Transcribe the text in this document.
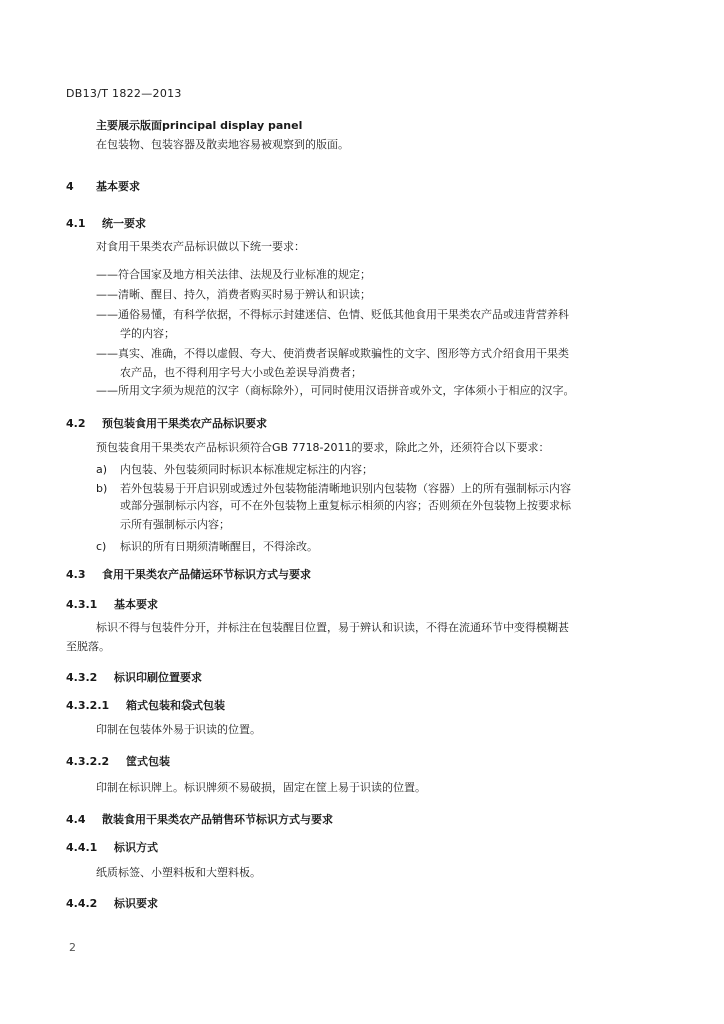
DB13/T 1822—2013
主要展示版面principal display panel
在包装物、包装容器及散卖地容易被观察到的版面。
4 基本要求
4.1 统一要求
对食用干果类农产品标识做以下统一要求：
——符合国家及地方相关法律、法规及行业标准的规定；
——清晰、醒目、持久，消费者购买时易于辨认和识读；
——通俗易懂，有科学依据，不得标示封建迷信、色情、贬低其他食用干果类农产品或违背营养科
学的内容；
——真实、准确，不得以虚假、夸大、使消费者误解或欺骗性的文字、图形等方式介绍食用干果类
农产品，也不得利用字号大小或色差误导消费者；
——所用文字须为规范的汉字（商标除外），可同时使用汉语拼音或外文，字体须小于相应的汉字。
4.2 预包装食用干果类农产品标识要求
预包装食用干果类农产品标识须符合GB 7718-2011的要求，除此之外，还须符合以下要求：
a) 内包装、外包装须同时标识本标准规定标注的内容；
b) 若外包装易于开启识别或透过外包装物能清晰地识别内包装物（容器）上的所有强制标示内容
或部分强制标示内容，可不在外包装物上重复标示相须的内容；否则须在外包装物上按要求标
示所有强制标示内容；
c) 标识的所有日期须清晰醒目，不得涂改。
4.3 食用干果类农产品储运环节标识方式与要求
4.3.1 基本要求
标识不得与包装件分开，并标注在包装醒目位置，易于辨认和识读，不得在流通环节中变得模糊甚
至脱落。
4.3.2 标识印刷位置要求
4.3.2.1 箱式包装和袋式包装
印制在包装体外易于识读的位置。
4.3.2.2 筐式包装
印制在标识牌上。标识牌须不易破损，固定在筐上易于识读的位置。
4.4 散装食用干果类农产品销售环节标识方式与要求
4.4.1 标识方式
纸质标签、小塑料板和大塑料板。
4.4.2 标识要求
2
